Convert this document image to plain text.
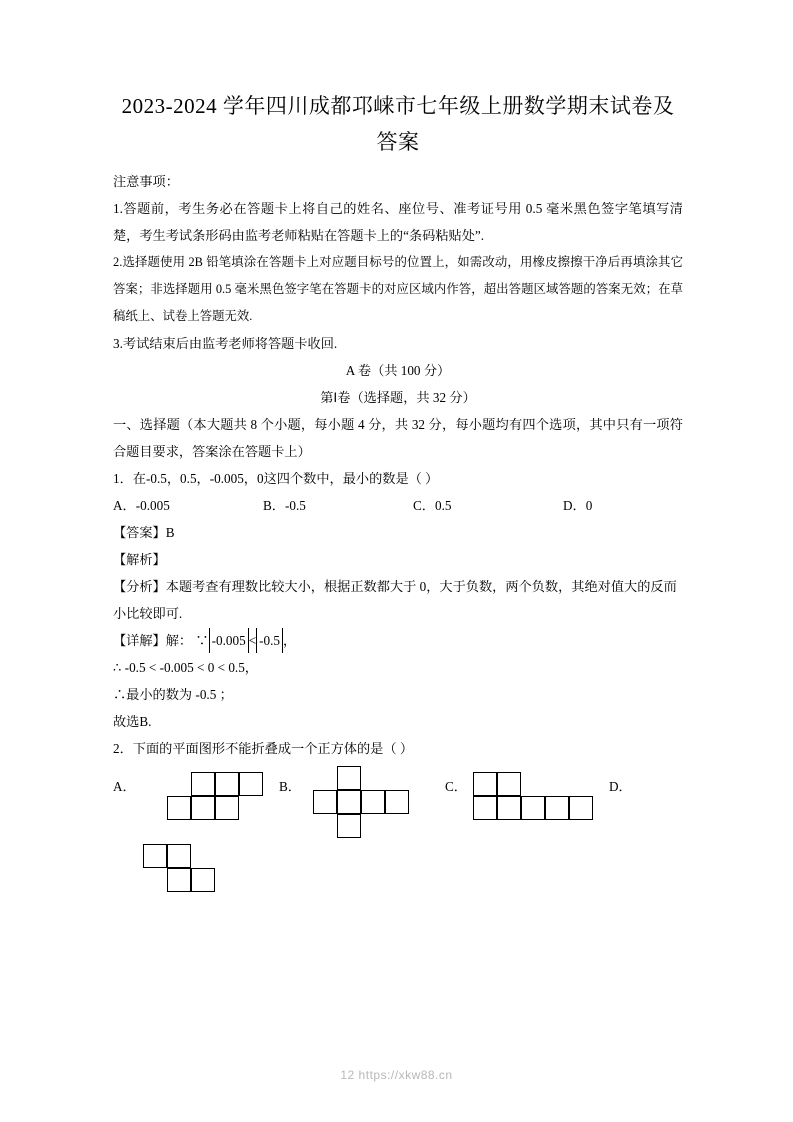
2023-2024 学年四川成都邛崃市七年级上册数学期末试卷及答案

注意事项：

1.答题前，考生务必在答题卡上将自己的姓名、座位号、准考证号用 0.5 毫米黑色签字笔填写清楚，考生考试条形码由监考老师粘贴在答题卡上的“条码粘贴处”.

2.选择题使用 2B 铅笔填涂在答题卡上对应题目标号的位置上，如需改动，用橡皮擦擦干净后再填涂其它答案；非选择题用 0.5 毫米黑色签字笔在答题卡的对应区域内作答，超出答题区域答题的答案无效；在草稿纸上、试卷上答题无效.

3.考试结束后由监考老师将答题卡收回.

A 卷（共 100 分）

第Ⅰ卷（选择题，共 32 分）

一、选择题（本大题共 8 个小题，每小题 4 分，共 32 分，每小题均有四个选项，其中只有一项符合题目要求，答案涂在答题卡上）

1．在-0.5，0.5，-0.005，0这四个数中，最小的数是（ ）

A．-0.005	B．-0.5	C．0.5	D．0

【答案】B

【解析】

【分析】本题考查有理数比较大小，根据正数都大于 0，大于负数，两个负数，其绝对值大的反而小比较即可.

【详解】解： ∵ -0.005 < -0.5 ，

∴ -0.5 < -0.005 < 0 < 0.5，

∴最小的数为 -0.5 ；

故选B.

2．下面的平面图形不能折叠成一个正方体的是（ ）

A．	B．	C．	D．
12 https://xkw88.cn
